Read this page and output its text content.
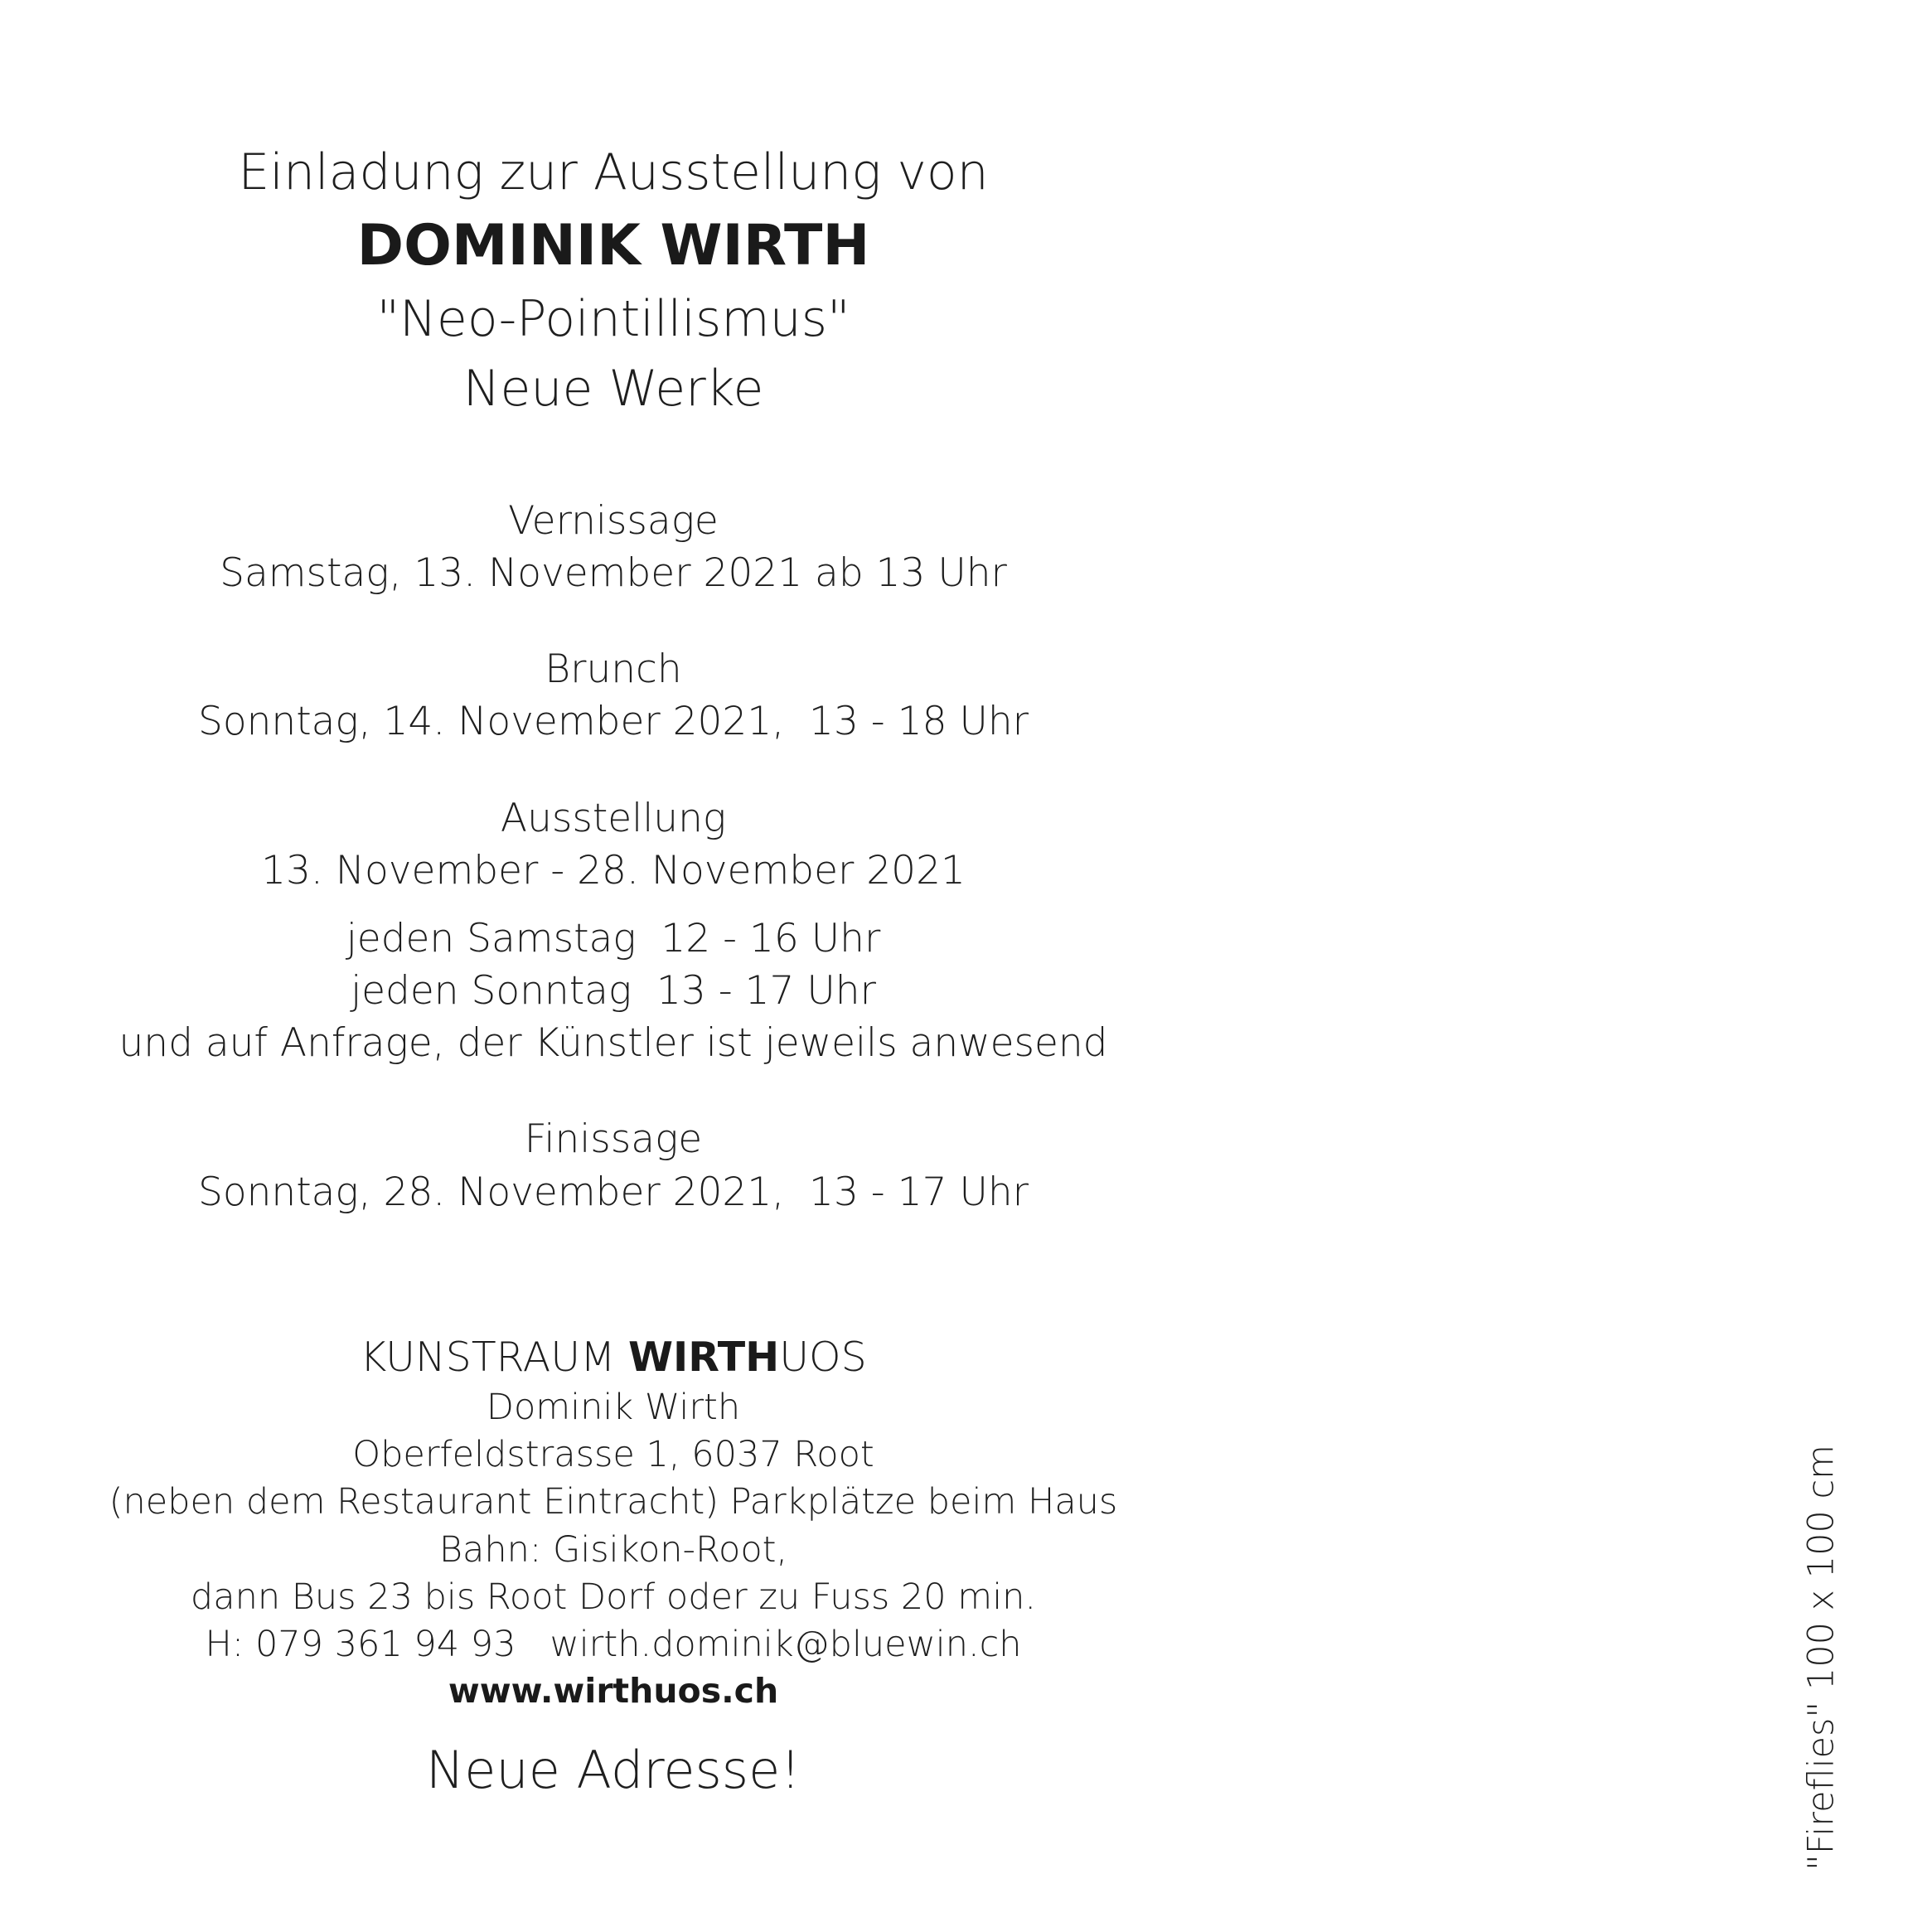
Einladung zur Ausstellung von
DOMINIK WIRTH
"Neo-Pointillismus"
Neue Werke
Vernissage
Samstag, 13. November 2021 ab 13 Uhr
Brunch
Sonntag, 14. November 2021,  13 - 18 Uhr
Ausstellung
13. November - 28. November 2021
jeden Samstag  12 - 16 Uhr
jeden Sonntag  13 - 17 Uhr
und auf Anfrage, der Künstler ist jeweils anwesend
Finissage
Sonntag, 28. November 2021,  13 - 17 Uhr
KUNSTRAUM WIRTHUOS
Dominik Wirth
Oberfeldstrasse 1, 6037 Root
(neben dem Restaurant Eintracht) Parkplätze beim Haus
Bahn: Gisikon-Root,
dann Bus 23 bis Root Dorf oder zu Fuss 20 min.
H: 079 361 94 93 wirth.dominik@bluewin.ch
www.wirthuos.ch
Neue Adresse!	"Fireflies" 100 x 100 cm
